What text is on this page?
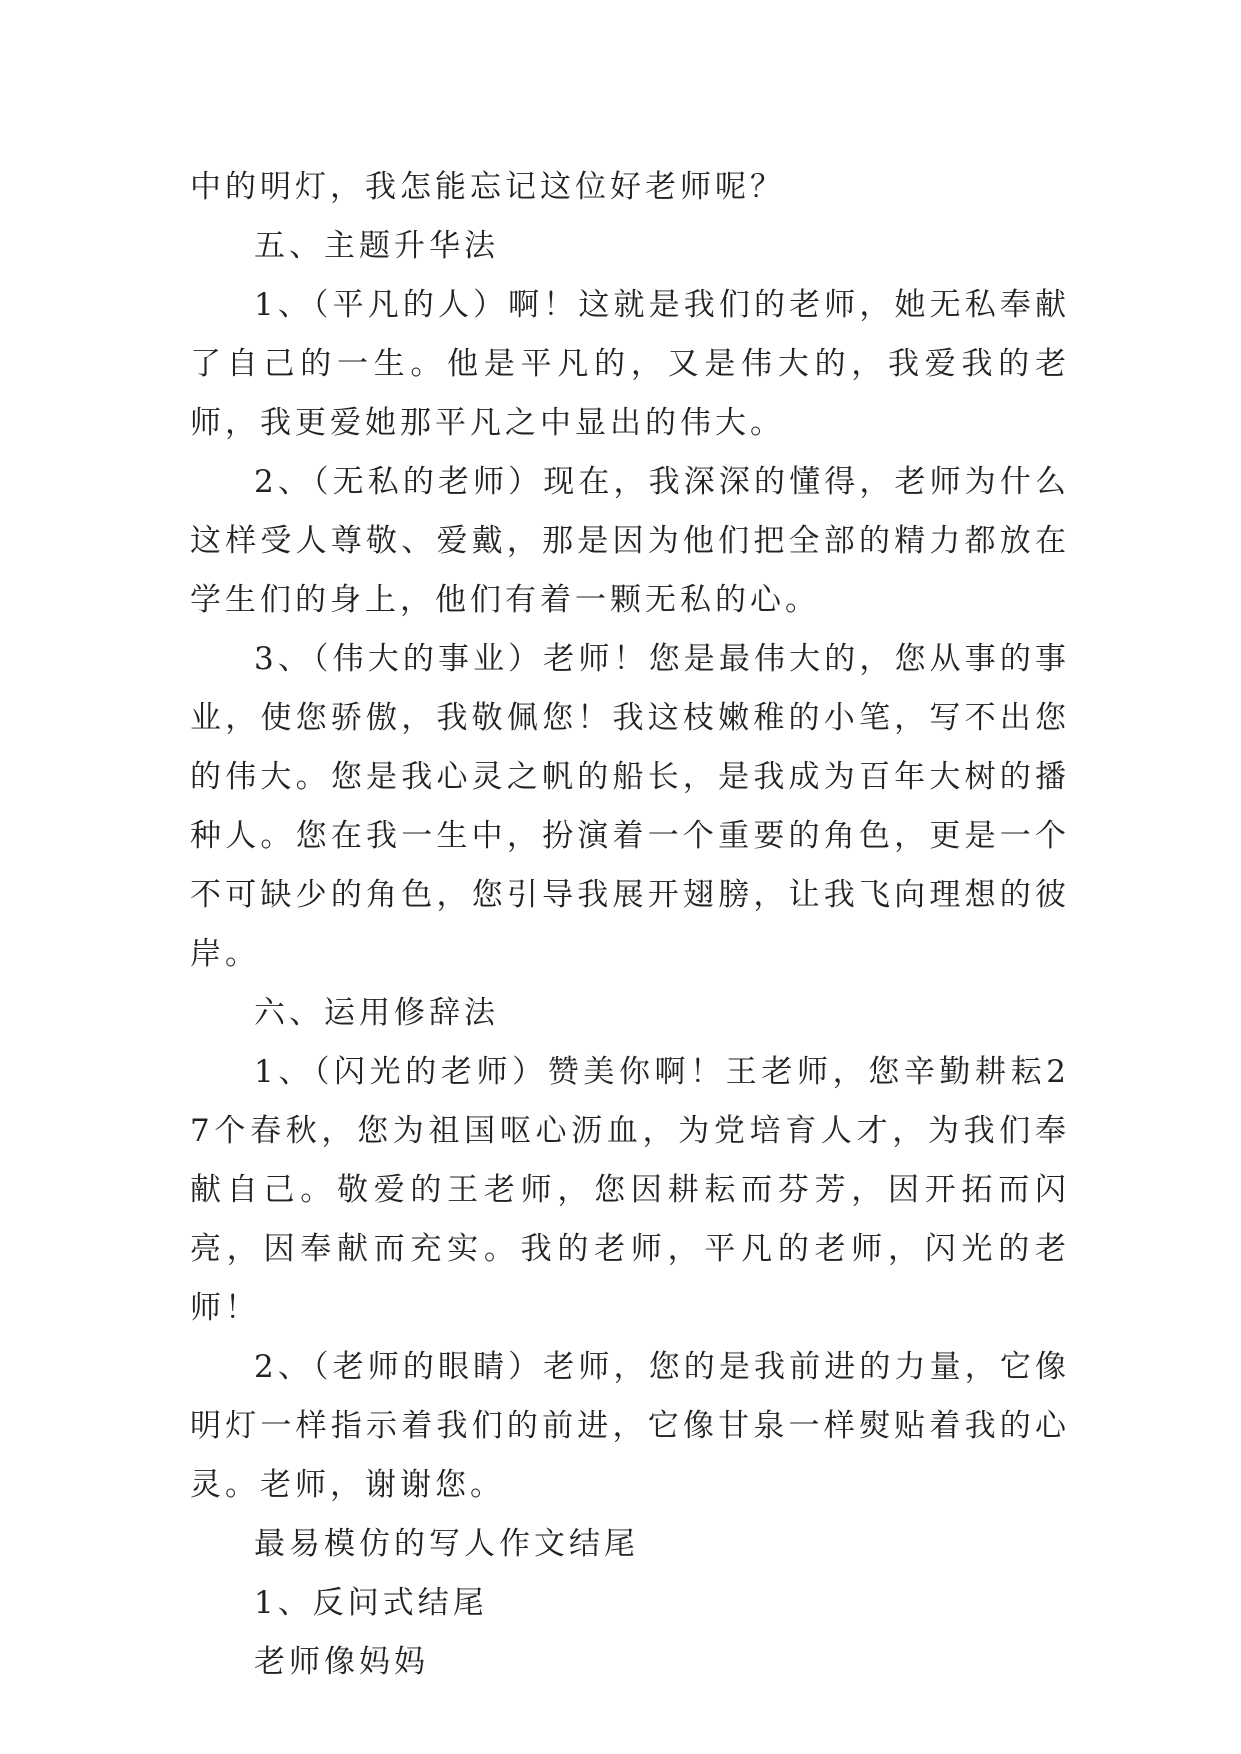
中的明灯，我怎能忘记这位好老师呢？

五、主题升华法

1、（平凡的人）啊！这就是我们的老师，她无私奉献了自己的一生。他是平凡的，又是伟大的，我爱我的老师，我更爱她那平凡之中显出的伟大。

2、（无私的老师）现在，我深深的懂得，老师为什么这样受人尊敬、爱戴，那是因为他们把全部的精力都放在学生们的身上，他们有着一颗无私的心。

3、（伟大的事业）老师！您是最伟大的，您从事的事业，使您骄傲，我敬佩您！我这枝嫩稚的小笔，写不出您的伟大。您是我心灵之帆的船长，是我成为百年大树的播种人。您在我一生中，扮演着一个重要的角色，更是一个不可缺少的角色，您引导我展开翅膀，让我飞向理想的彼岸。

六、运用修辞法

1、（闪光的老师）赞美你啊！王老师，您辛勤耕耘27个春秋，您为祖国呕心沥血，为党培育人才，为我们奉献自己。敬爱的王老师，您因耕耘而芬芳，因开拓而闪亮，因奉献而充实。我的老师，平凡的老师，闪光的老师！

2、（老师的眼睛）老师，您的是我前进的力量，它像明灯一样指示着我们的前进，它像甘泉一样熨贴着我的心灵。老师，谢谢您。

最易模仿的写人作文结尾

1、反问式结尾

老师像妈妈
